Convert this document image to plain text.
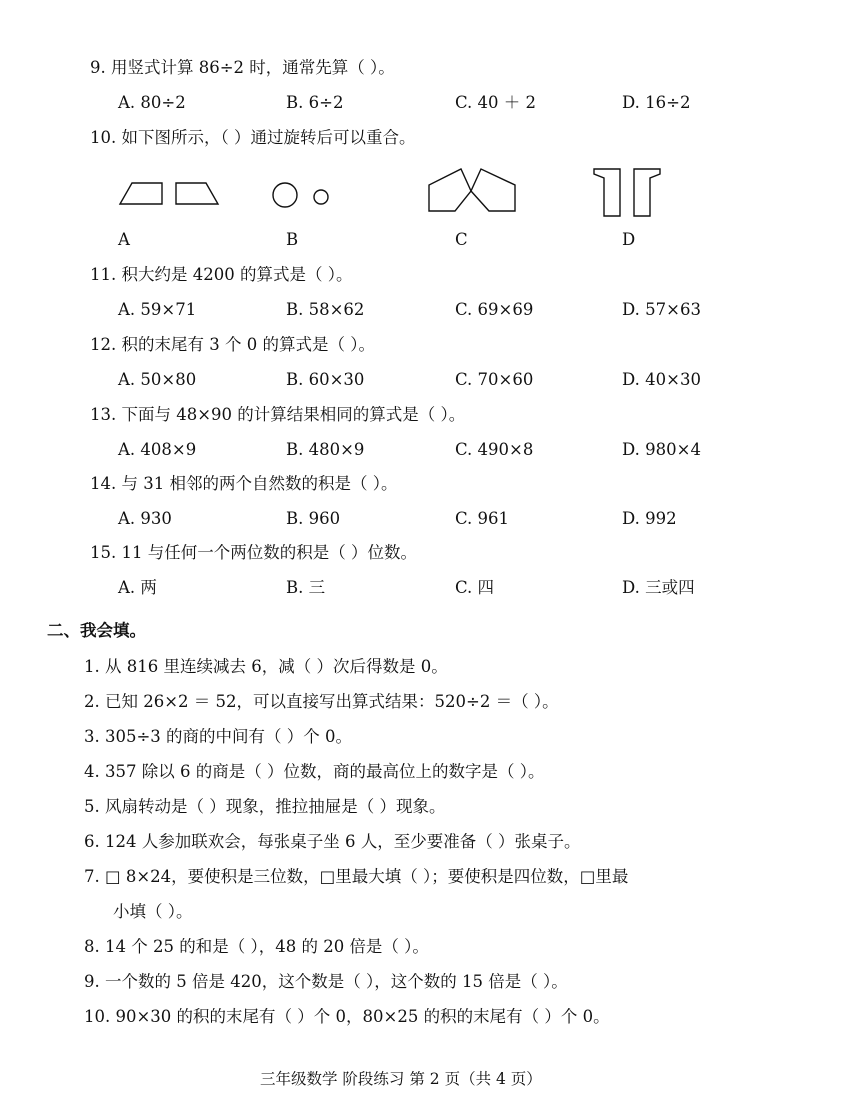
9. 用竖式计算 86÷2 时，通常先算（ ）。
A. 80÷2	B. 6÷2	C. 40 ＋ 2	D. 16÷2
10. 如下图所示，（ ）通过旋转后可以重合。
A	B	C	D
11. 积大约是 4200 的算式是（ ）。
A. 59×71	B. 58×62	C. 69×69	D. 57×63
12. 积的末尾有 3 个 0 的算式是（ ）。
A. 50×80	B. 60×30	C. 70×60	D. 40×30
13. 下面与 48×90 的计算结果相同的算式是（ ）。
A. 408×9	B. 480×9	C. 490×8	D. 980×4
14. 与 31 相邻的两个自然数的积是（ ）。
A. 930	B. 960	C. 961	D. 992
15. 11 与任何一个两位数的积是（ ）位数。
A. 两	B. 三	C. 四	D. 三或四
二、我会填。
1. 从 816 里连续减去 6，减（ ）次后得数是 0。
2. 已知 26×2 ＝ 52，可以直接写出算式结果：520÷2 ＝（ ）。
3. 305÷3 的商的中间有（ ）个 0。
4. 357 除以 6 的商是（ ）位数，商的最高位上的数字是（ ）。
5. 风扇转动是（ ）现象，推拉抽屉是（ ）现象。
6. 124 人参加联欢会，每张桌子坐 6 人，至少要准备（ ）张桌子。
7. □ 8×24，要使积是三位数，□里最大填（ ）；要使积是四位数，□里最
小填（ ）。
8. 14 个 25 的和是（ ），48 的 20 倍是（ ）。
9. 一个数的 5 倍是 420，这个数是（ ），这个数的 15 倍是（ ）。
10. 90×30 的积的末尾有（ ）个 0，80×25 的积的末尾有（ ）个 0。
三年级数学 阶段练习 第 2 页（共 4 页）
